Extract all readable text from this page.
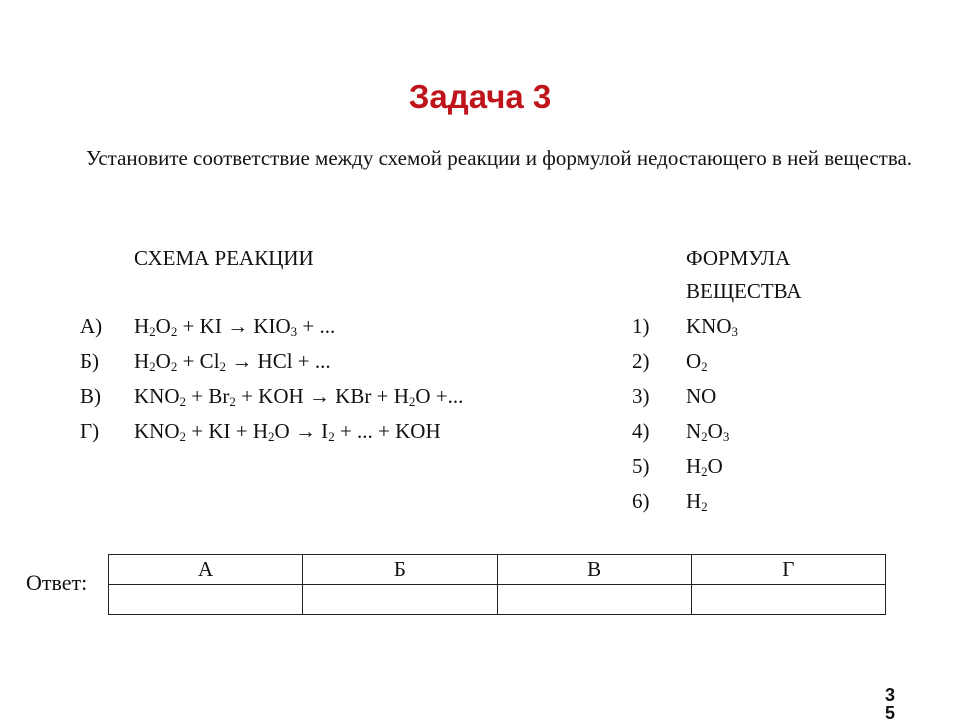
Задача 3
Установите соответствие между схемой реакции и формулой недостающего в ней вещества.
СХЕМА РЕАКЦИИ	ФОРМУЛА
ВЕЩЕСТВА
А) $H_2O_2$ + KI → $KIO_3$ + ...
Б) $H_2O_2 + Cl_2$ → HCl + ...
В) $KNO_2 + Br_2$ + KOH → KBr + $H_2O$ +...
Г) $KNO_2$ + KI + $H_2O \to I_2$ + ... + KOH
1) $KNO_3$
2) $O_2$
3) NO
4) $N_2O_3$
5) $H_2O$
6) $H_2$
Ответ:
А	Б	В	Г

3
5
